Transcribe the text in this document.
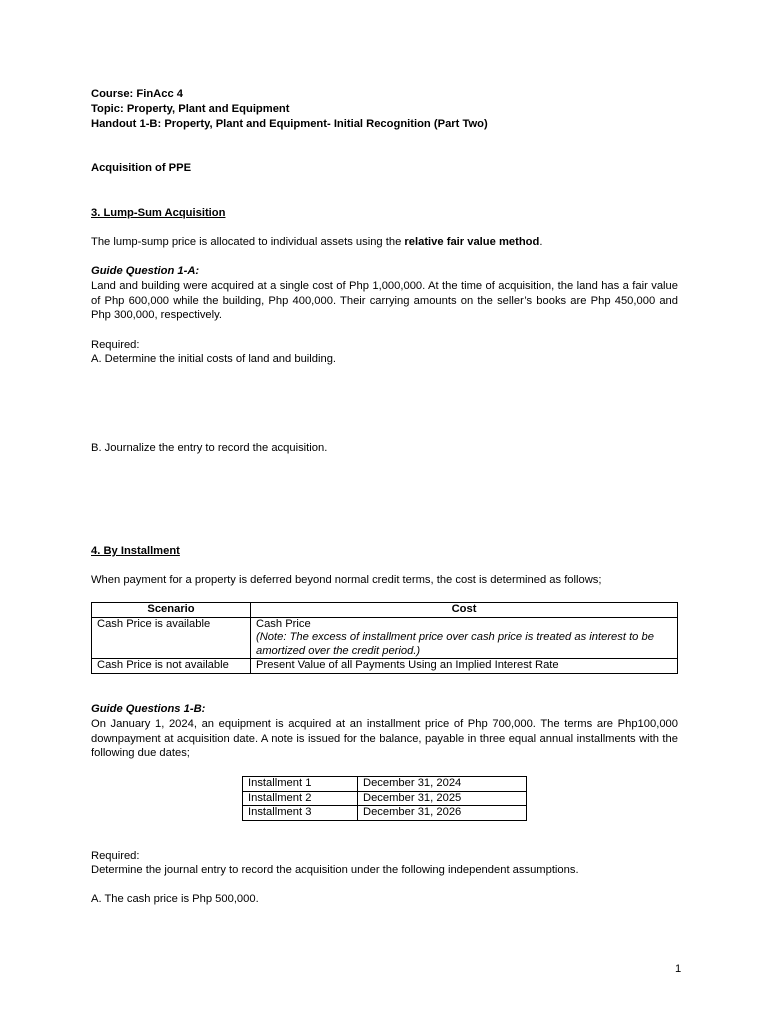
Course: FinAcc 4
Topic: Property, Plant and Equipment
Handout 1-B: Property, Plant and Equipment- Initial Recognition (Part Two)
Acquisition of PPE
3. Lump-Sum Acquisition
The lump-sump price is allocated to individual assets using the relative fair value method.
Guide Question 1-A:

Land and building were acquired at a single cost of Php 1,000,000. At the time of acquisition, the land has a fair value of Php 600,000 while the building, Php 400,000. Their carrying amounts on the seller’s books are Php 450,000 and Php 300,000, respectively.

Required:
A. Determine the initial costs of land and building.
B. Journalize the entry to record the acquisition.
4. By Installment
When payment for a property is deferred beyond normal credit terms, the cost is determined as follows;
Scenario	Cost
Cash Price is available	Cash Price
(Note: The excess of installment price over cash price is treated as interest to be amortized over the credit period.)

Cash Price is not available	Present Value of all Payments Using an Implied Interest Rate
Guide Questions 1-B:

On January 1, 2024, an equipment is acquired at an installment price of Php 700,000. The terms are Php100,000 downpayment at acquisition date. A note is issued for the balance, payable in three equal annual installments with the following due dates;

Installment 1	December 31, 2024
Installment 2	December 31, 2025
Installment 3	December 31, 2026
Required:
Determine the journal entry to record the acquisition under the following independent assumptions.
A. The cash price is Php 500,000.
1
